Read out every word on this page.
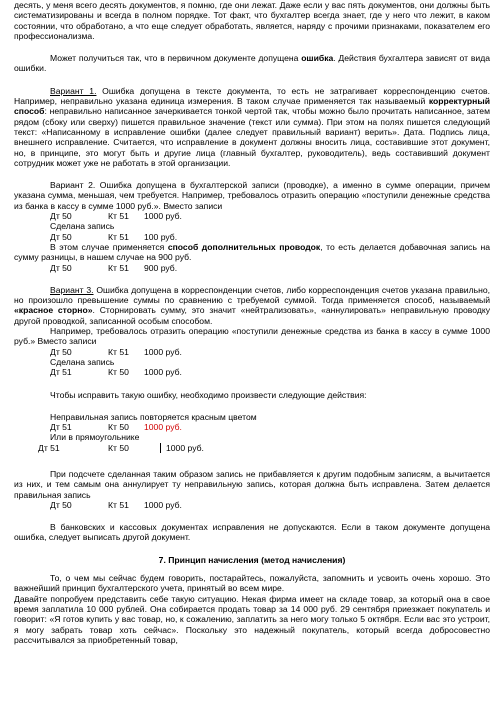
десять, у меня всего десять документов, я помню, где они лежат. Даже если у вас пять документов, они должны быть систематизированы и всегда в полном порядке. Тот факт, что бухгалтер всегда знает, где у него что лежит, в каком состоянии, что обработано, а что еще следует обработать, является, наряду с прочими признаками, показателем его профессионализма.

Может получиться так, что в первичном документе допущена ошибка. Действия бухгалтера зависят от вида ошибки.

Вариант 1. Ошибка допущена в тексте документа, то есть не затрагивает корреспонденцию счетов. Например, неправильно указана единица измерения. В таком случае применяется так называемый корректурный способ: неправильно написанное зачеркивается тонкой чертой так, чтобы можно было прочитать написанное, затем рядом (сбоку или сверху) пишется правильное значение (текст или сумма). При этом на полях пишется следующий текст: «Написанному в исправление ошибки (далее следует правильный вариант) верить». Дата. Подпись лица, внешнего исправление. Считается, что исправление в документ должны вносить лица, составившие этот документ, но, в принципе, это могут быть и другие лица (главный бухгалтер, руководитель), ведь составивший документ сотрудник может уже не работать в этой организации.

Вариант 2. Ошибка допущена в бухгалтерской записи (проводке), а именно в сумме операции, причем указана сумма, меньшая, чем требуется. Например, требовалось отразить операцию «поступили денежные средства из банка в кассу в сумме 1000 руб.». Вместо записи

Дт 50	Кт 51	1000 руб.
Сделана запись
Дт 50	Кт 51	100 руб.

В этом случае применяется способ дополнительных проводок, то есть делается добавочная запись на сумму разницы, в нашем случае на 900 руб.

Дт 50	Кт 51	900 руб.

Вариант 3. Ошибка допущена в корреспонденции счетов, либо корреспонденция счетов указана правильно, но произошло превышение суммы по сравнению с требуемой суммой. Тогда применяется способ, называемый «красное сторно». Сторнировать сумму, это значит «нейтрализовать», «аннулировать» неправильную проводку другой проводкой, записанной особым способом.

Например, требовалось отразить операцию «поступили денежные средства из банка в кассу в сумме 1000 руб.» Вместо записи

Дт 50	Кт 51	1000 руб.
Сделана запись
Дт 51	Кт 50	1000 руб.
Чтобы исправить такую ошибку, необходимо произвести следующие действия:
Неправильная запись повторяется красным цветом
Дт 51	Кт 50	1000 руб.
Или в прямоугольнике
Дт 51	Кт 50	1000 руб.

При подсчете сделанная таким образом запись не прибавляется к другим подобным записям, а вычитается из них, и тем самым она аннулирует ту неправильную запись, которая должна быть исправлена. Затем делается правильная запись

Дт 50	Кт 51	1000 руб.

В банковских и кассовых документах исправления не допускаются. Если в таком документе допущена ошибка, следует выписать другой документ.

7. Принцип начисления (метод начисления)

То, о чем мы сейчас будем говорить, постарайтесь, пожалуйста, запомнить и усвоить очень хорошо. Это важнейший принцип бухгалтерского учета, принятый во всем мире.

Давайте попробуем представить себе такую ситуацию. Некая фирма имеет на складе товар, за который она в свое время заплатила 10 000 рублей. Она собирается продать товар за 14 000 руб. 29 сентября приезжает покупатель и говорит: «Я готов купить у вас товар, но, к сожалению, заплатить за него могу только 5 октября. Если вас это устроит, я могу забрать товар хоть сейчас». Поскольку это надежный покупатель, который всегда добросовестно рассчитывался за приобретенный товар,
